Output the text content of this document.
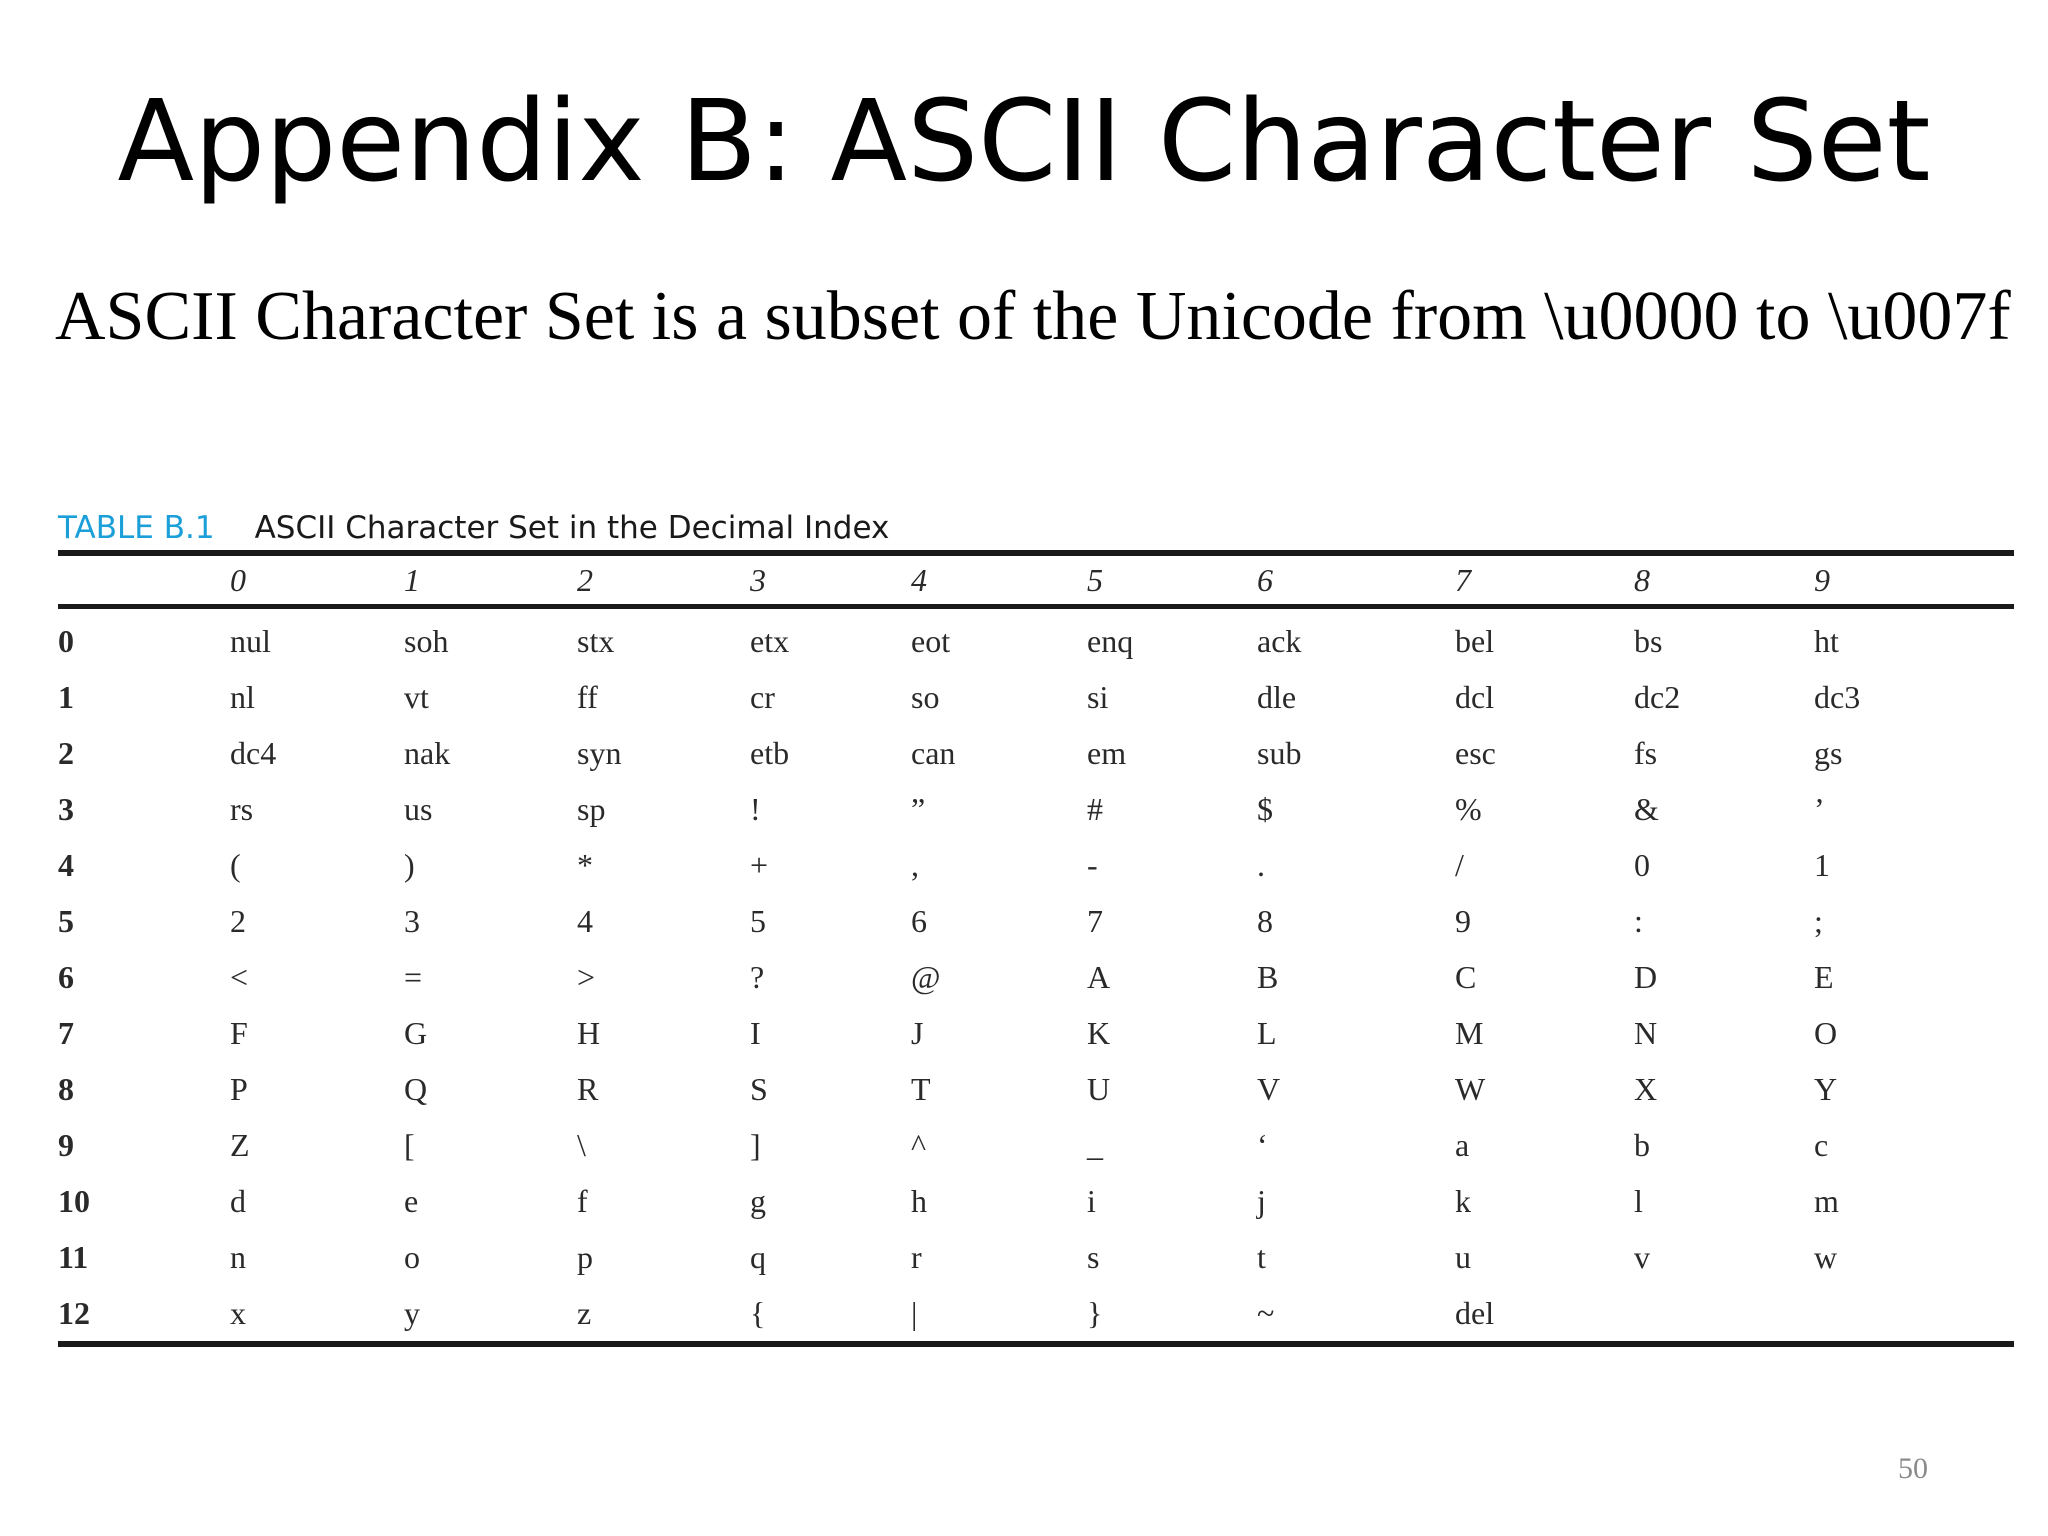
Appendix B: ASCII Character Set
ASCII Character Set is a subset of the Unicode from \u0000 to \u007f
TABLE B.1 ASCII Character Set in the Decimal Index
	0	1	2	3	4	5	6	7	8	9
0	nul	soh	stx	etx	eot	enq	ack	bel	bs	ht
1	nl	vt	ff	cr	so	si	dle	dcl	dc2	dc3
2	dc4	nak	syn	etb	can	em	sub	esc	fs	gs
3	rs	us	sp	!	”	#	$	%	&	’
4	(	)	*	+	,	-	.	/	0	1
5	2	3	4	5	6	7	8	9	:	;
6	<	=	>	?	@	A	B	C	D	E
7	F	G	H	I	J	K	L	M	N	O
8	P	Q	R	S	T	U	V	W	X	Y
9	Z	[	\	]	^	_	‘	a	b	c
10	d	e	f	g	h	i	j	k	l	m
11	n	o	p	q	r	s	t	u	v	w
12	x	y	z	{	|	}	~	del		
50
